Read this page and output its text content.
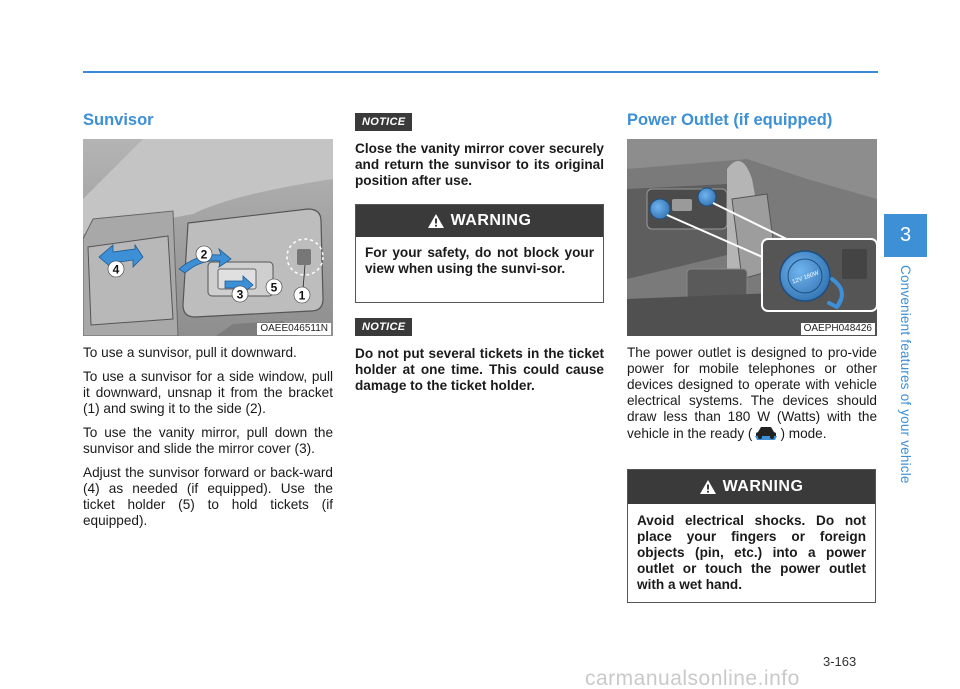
Sunvisor
2
4
3 5
1
OAEE046511N

To use a sunvisor, pull it downward.

To use a sunvisor for a side window, pull it downward, unsnap it from the bracket (1) and swing it to the side (2).

To use the vanity mirror, pull down the sunvisor and slide the mirror cover (3).

Adjust the sunvisor forward or back-ward (4) as needed (if equipped). Use the ticket holder (5) to hold tickets (if equipped).

NOTICE
Close the vanity mirror cover securely and return the sunvisor to its original position after use.
WARNING
For your safety, do not block your view when using the sunvi-sor.
NOTICE
Do not put several tickets in the ticket holder at one time. This could cause damage to the ticket holder.
Power Outlet (if equipped)
12V 180W
OAEPH048426
The power outlet is designed to pro-vide power for mobile telephones or other devices designed to operate with vehicle electrical systems. The devices should draw less than 180 W (Watts) with the vehicle in the ready ( ) mode.
WARNING
Avoid electrical shocks. Do not place your fingers or foreign objects (pin, etc.) into a power outlet or touch the power outlet with a wet hand.
3
Convenient features of your vehicle
3-163
carmanualsonline.info
